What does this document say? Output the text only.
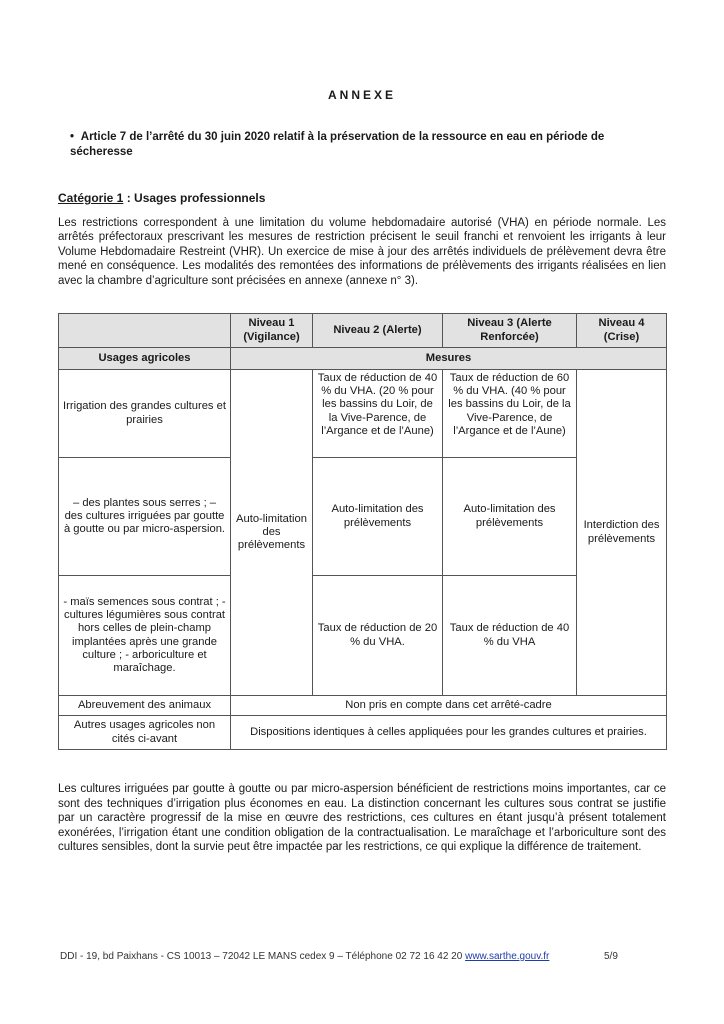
ANNEXE
• Article 7 de l’arrêté du 30 juin 2020 relatif à la préservation de la ressource en eau en période de sécheresse
Catégorie 1 : Usages professionnels

Les restrictions correspondent à une limitation du volume hebdomadaire autorisé (VHA) en période normale. Les arrêtés préfectoraux prescrivant les mesures de restriction précisent le seuil franchi et renvoient les irrigants à leur Volume Hebdomadaire Restreint (VHR). Un exercice de mise à jour des arrêtés individuels de prélèvement devra être mené en conséquence. Les modalités des remontées des informations de prélèvements des irrigants réalisées en lien avec la chambre d’agriculture sont précisées en annexe (annexe n° 3).

	Niveau 1 (Vigilance)	Niveau 2 (Alerte)	Niveau 3 (Alerte Renforcée)	Niveau 4 (Crise)
Usages agricoles	Mesures			
Irrigation des grandes cultures et prairies	Auto-limitation des prélèvements	Taux de réduction de 40 % du VHA. (20 % pour les bassins du Loir, de la Vive-Parence, de l’Argance et de l’Aune)	Taux de réduction de 60 % du VHA. (40 % pour les bassins du Loir, de la Vive-Parence, de l’Argance et de l’Aune)	Interdiction des prélèvements
– des plantes sous serres ; – des cultures irriguées par goutte à goutte ou par micro-aspersion.		Auto-limitation des prélèvements	Auto-limitation des prélèvements	
- maïs semences sous contrat ; - cultures légumières sous contrat hors celles de plein-champ implantées après une grande culture ; - arboriculture et maraîchage.		Taux de réduction de 20 % du VHA.	Taux de réduction de 40 % du VHA	
Abreuvement des animaux	Non pris en compte dans cet arrêté-cadre			
Autres usages agricoles non cités ci-avant	Dispositions identiques à celles appliquées pour les grandes cultures et prairies.			

Les cultures irriguées par goutte à goutte ou par micro-aspersion bénéficient de restrictions moins importantes, car ce sont des techniques d’irrigation plus économes en eau. La distinction concernant les cultures sous contrat se justifie par un caractère progressif de la mise en œuvre des restrictions, ces cultures en étant jusqu’à présent totalement exonérées, l’irrigation étant une condition obligation de la contractualisation. Le maraîchage et l’arboriculture sont des cultures sensibles, dont la survie peut être impactée par les restrictions, ce qui explique la différence de traitement.

DDI - 19, bd Paixhans - CS 10013 – 72042 LE MANS cedex 9 – Téléphone 02 72 16 42 20 www.sarthe.gouv.fr	5/9
